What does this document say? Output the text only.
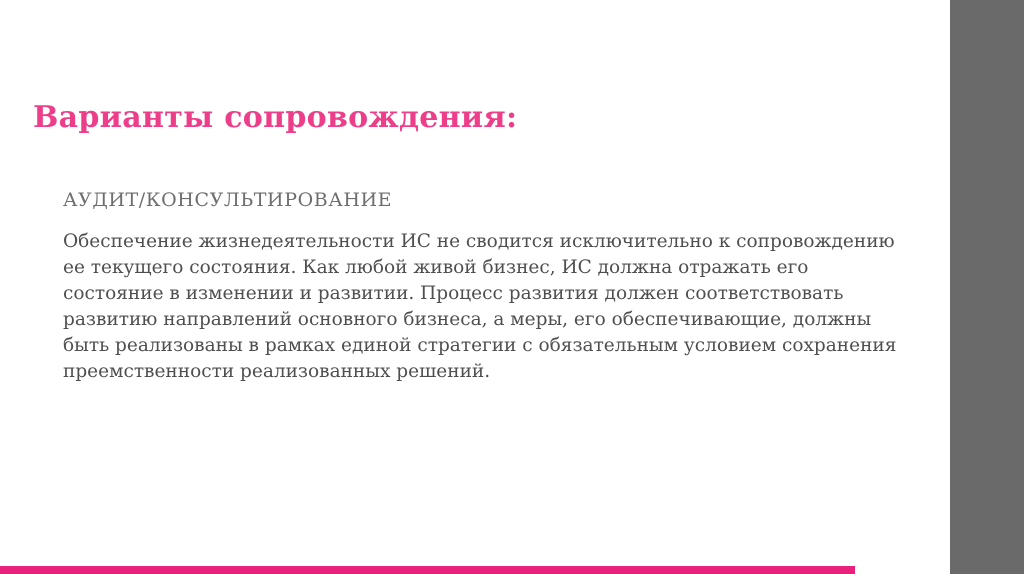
Варианты сопровождения:
АУДИТ/КОНСУЛЬТИРОВАНИЕ

Обеспечение жизнедеятельности ИС не сводится исключительно к сопровождению ее текущего состояния. Как любой живой бизнес, ИС должна отражать его состояние в изменении и развитии. Процесс развития должен соответствовать развитию направлений основного бизнеса, а меры, его обеспечивающие, должны быть реализованы в рамках единой стратегии с обязательным условием сохранения преемственности реализованных решений.
